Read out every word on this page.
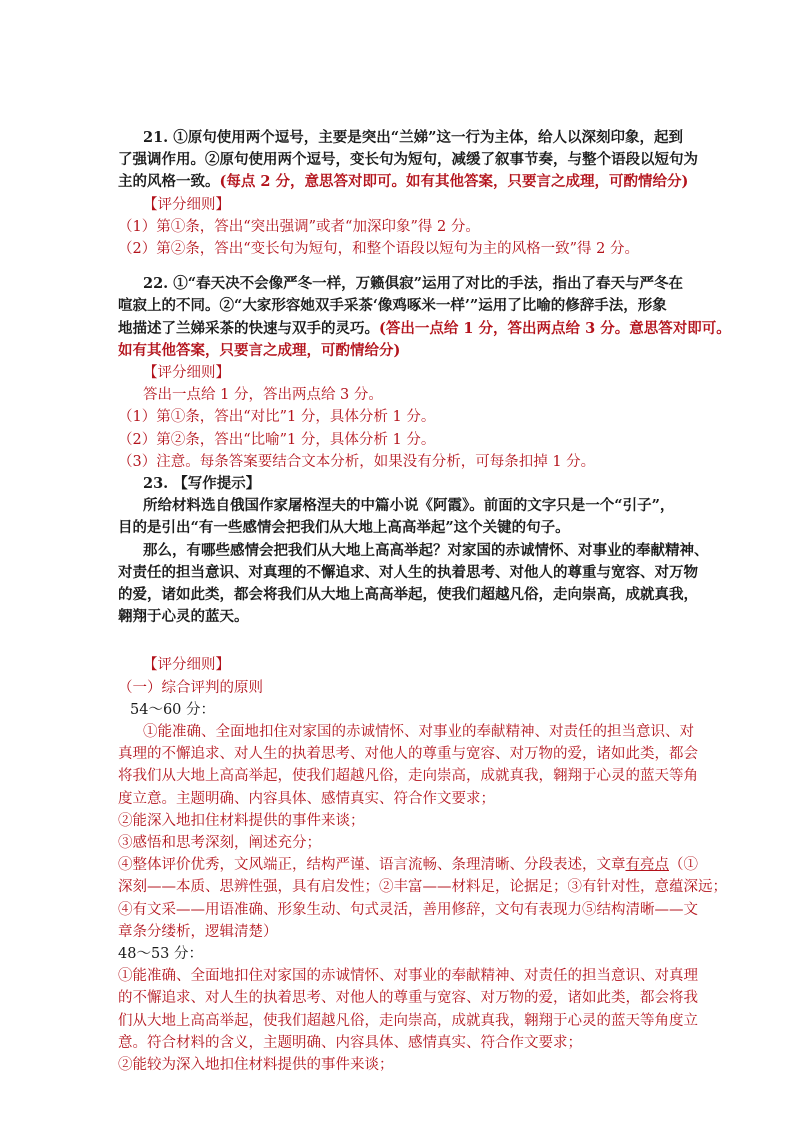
21. ①原句使用两个逗号，主要是突出“兰娣”这一行为主体，给人以深刻印象，起到
了强调作用。②原句使用两个逗号，变长句为短句，减缓了叙事节奏，与整个语段以短句为
主的风格一致。(每点 2 分，意思答对即可。如有其他答案，只要言之成理，可酌情给分)
【评分细则】
（1）第①条，答出“突出强调”或者“加深印象”得 2 分。
（2）第②条，答出“变长句为短句，和整个语段以短句为主的风格一致”得 2 分。
22. ①“春天决不会像严冬一样，万籁俱寂”运用了对比的手法，指出了春天与严冬在
喧寂上的不同。②“大家形容她双手采茶‘像鸡啄米一样’”运用了比喻的修辞手法，形象
地描述了兰娣采茶的快速与双手的灵巧。(答出一点给 1 分，答出两点给 3 分。意思答对即可。
如有其他答案，只要言之成理，可酌情给分)
【评分细则】
答出一点给 1 分，答出两点给 3 分。
（1）第①条，答出“对比”1 分，具体分析 1 分。
（2）第②条，答出“比喻”1 分，具体分析 1 分。
（3）注意。每条答案要结合文本分析，如果没有分析，可每条扣掉 1 分。
23. 【写作提示】
所给材料选自俄国作家屠格涅夫的中篇小说《阿霞》。前面的文字只是一个“引子”，
目的是引出“有一些感情会把我们从大地上高高举起”这个关键的句子。
那么，有哪些感情会把我们从大地上高高举起？对家国的赤诚情怀、对事业的奉献精神、
对责任的担当意识、对真理的不懈追求、对人生的执着思考、对他人的尊重与宽容、对万物
的爱，诸如此类，都会将我们从大地上高高举起，使我们超越凡俗，走向崇高，成就真我，
翱翔于心灵的蓝天。
【评分细则】
（一）综合评判的原则
54～60 分：
①能准确、全面地扣住对家国的赤诚情怀、对事业的奉献精神、对责任的担当意识、对
真理的不懈追求、对人生的执着思考、对他人的尊重与宽容、对万物的爱，诸如此类，都会
将我们从大地上高高举起，使我们超越凡俗，走向崇高，成就真我，翱翔于心灵的蓝天等角
度立意。主题明确、内容具体、感情真实、符合作文要求；
②能深入地扣住材料提供的事件来谈；
③感悟和思考深刻，阐述充分；
④整体评价优秀，文风端正，结构严谨、语言流畅、条理清晰、分段表述，文章有亮点（①
深刻——本质、思辨性强，具有启发性；②丰富——材料足，论据足；③有针对性，意蕴深远；
④有文采——用语准确、形象生动、句式灵活，善用修辞，文句有表现力⑤结构清晰——文
章条分缕析，逻辑清楚）
48～53 分：
①能准确、全面地扣住对家国的赤诚情怀、对事业的奉献精神、对责任的担当意识、对真理
的不懈追求、对人生的执着思考、对他人的尊重与宽容、对万物的爱，诸如此类，都会将我
们从大地上高高举起，使我们超越凡俗，走向崇高，成就真我，翱翔于心灵的蓝天等角度立
意。符合材料的含义，主题明确、内容具体、感情真实、符合作文要求；
②能较为深入地扣住材料提供的事件来谈；
